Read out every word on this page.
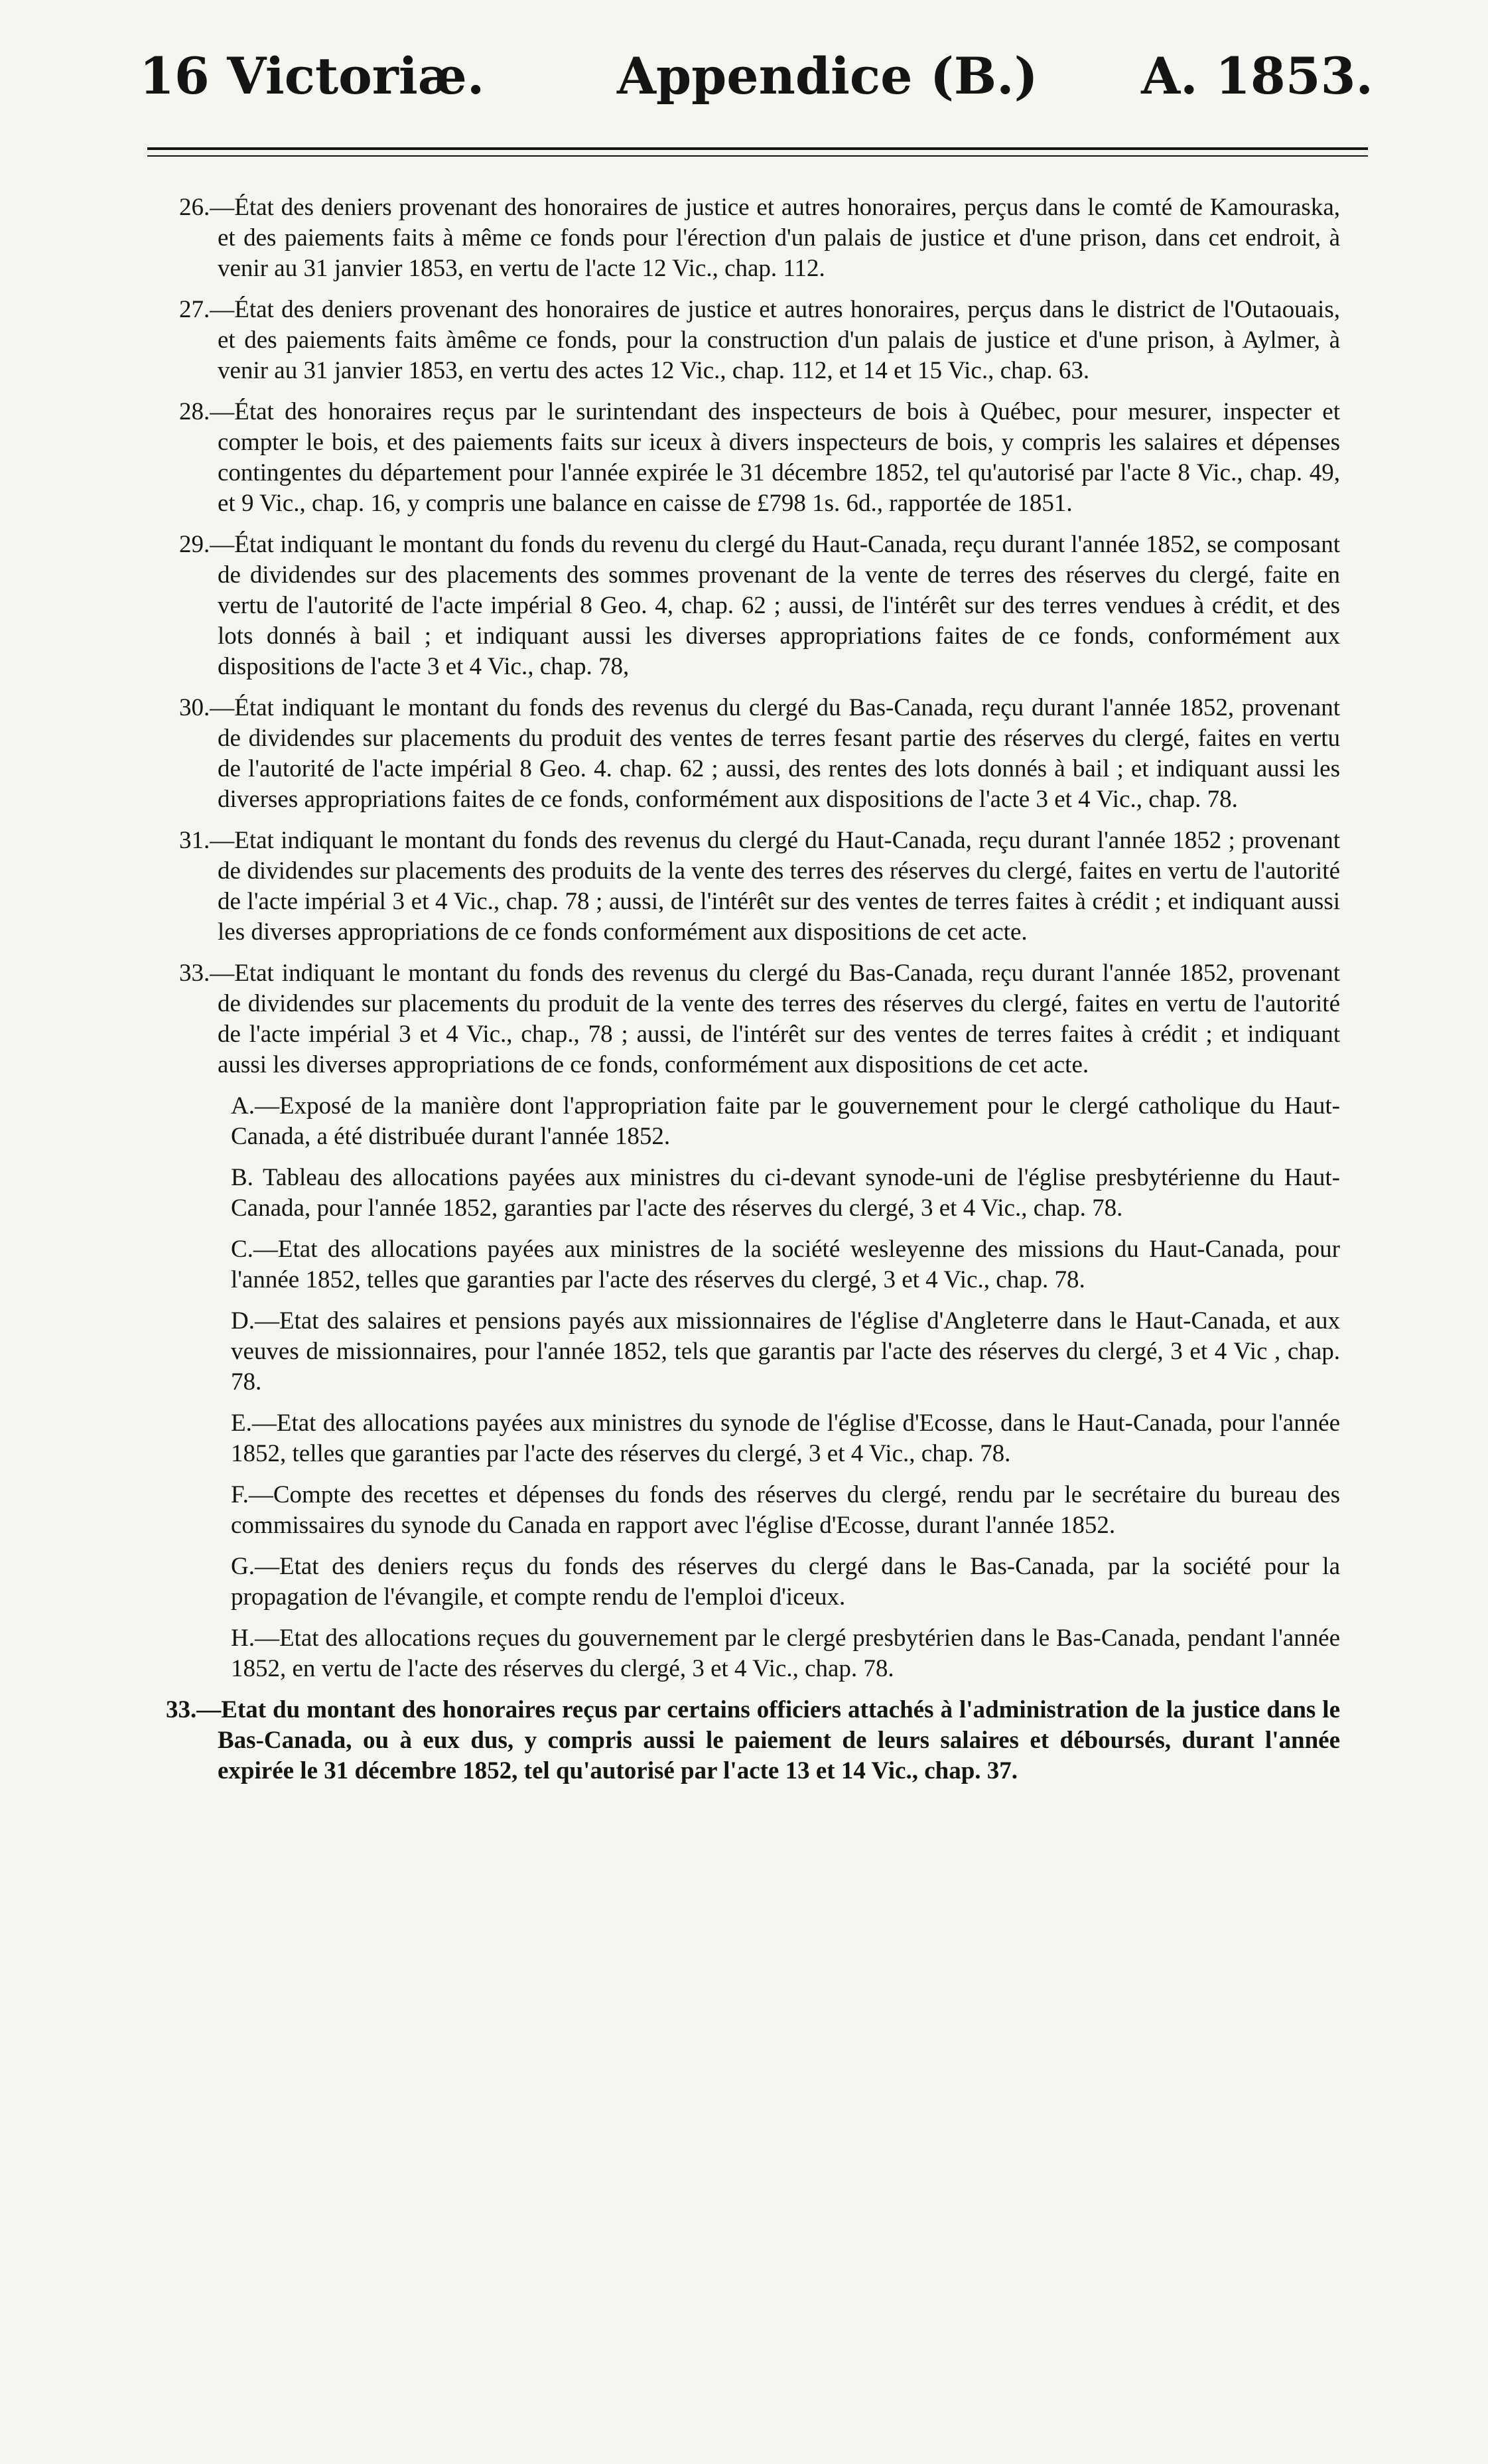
16 Victoriæ.	Appendice (B.) A. 1853.

26.—État des deniers provenant des honoraires de justice et autres honoraires, perçus dans le comté de Kamouraska, et des paiements faits à même ce fonds pour l'érection d'un palais de justice et d'une prison, dans cet endroit, à venir au 31 janvier 1853, en vertu de l'acte 12 Vic., chap. 112.

27.—État des deniers provenant des honoraires de justice et autres honoraires, perçus dans le district de l'Outaouais, et des paiements faits àmême ce fonds, pour la construction d'un palais de justice et d'une prison, à Aylmer, à venir au 31 janvier 1853, en vertu des actes 12 Vic., chap. 112, et 14 et 15 Vic., chap. 63.

28.—État des honoraires reçus par le surintendant des inspecteurs de bois à Québec, pour mesurer, inspecter et compter le bois, et des paiements faits sur iceux à divers inspecteurs de bois, y compris les salaires et dépenses contingentes du département pour l'année expirée le 31 décembre 1852, tel qu'autorisé par l'acte 8 Vic., chap. 49, et 9 Vic., chap. 16, y compris une balance en caisse de £798 1s. 6d., rapportée de 1851.

29.—État indiquant le montant du fonds du revenu du clergé du Haut-Canada, reçu durant l'année 1852, se composant de dividendes sur des placements des sommes provenant de la vente de terres des réserves du clergé, faite en vertu de l'autorité de l'acte impérial 8 Geo. 4, chap. 62 ; aussi, de l'intérêt sur des terres vendues à crédit, et des lots donnés à bail ; et indiquant aussi les diverses appropriations faites de ce fonds, conformément aux dispositions de l'acte 3 et 4 Vic., chap. 78,

30.—État indiquant le montant du fonds des revenus du clergé du Bas-Canada, reçu durant l'année 1852, provenant de dividendes sur placements du produit des ventes de terres fesant partie des réserves du clergé, faites en vertu de l'autorité de l'acte impérial 8 Geo. 4. chap. 62 ; aussi, des rentes des lots donnés à bail ; et indiquant aussi les diverses appropriations faites de ce fonds, conformément aux dispositions de l'acte 3 et 4 Vic., chap. 78.

31.—Etat indiquant le montant du fonds des revenus du clergé du Haut-Canada, reçu durant l'année 1852 ; provenant de dividendes sur placements des produits de la vente des terres des réserves du clergé, faites en vertu de l'autorité de l'acte impérial 3 et 4 Vic., chap. 78 ; aussi, de l'intérêt sur des ventes de terres faites à crédit ; et indiquant aussi les diverses appropriations de ce fonds conformément aux dispositions de cet acte.

33.—Etat indiquant le montant du fonds des revenus du clergé du Bas-Canada, reçu durant l'année 1852, provenant de dividendes sur placements du produit de la vente des terres des réserves du clergé, faites en vertu de l'autorité de l'acte impérial 3 et 4 Vic., chap., 78 ; aussi, de l'intérêt sur des ventes de terres faites à crédit ; et indiquant aussi les diverses appropriations de ce fonds, conformément aux dispositions de cet acte.

A.—Exposé de la manière dont l'appropriation faite par le gouvernement pour le clergé catholique du Haut-Canada, a été distribuée durant l'année 1852.

B. Tableau des allocations payées aux ministres du ci-devant synode-uni de l'église presbytérienne du Haut-Canada, pour l'année 1852, garanties par l'acte des réserves du clergé, 3 et 4 Vic., chap. 78.

C.—Etat des allocations payées aux ministres de la société wesleyenne des missions du Haut-Canada, pour l'année 1852, telles que garanties par l'acte des réserves du clergé, 3 et 4 Vic., chap. 78.

D.—Etat des salaires et pensions payés aux missionnaires de l'église d'Angleterre dans le Haut-Canada, et aux veuves de missionnaires, pour l'année 1852, tels que garantis par l'acte des réserves du clergé, 3 et 4 Vic , chap. 78.

E.—Etat des allocations payées aux ministres du synode de l'église d'Ecosse, dans le Haut-Canada, pour l'année 1852, telles que garanties par l'acte des réserves du clergé, 3 et 4 Vic., chap. 78.

F.—Compte des recettes et dépenses du fonds des réserves du clergé, rendu par le secrétaire du bureau des commissaires du synode du Canada en rapport avec l'église d'Ecosse, durant l'année 1852.

G.—Etat des deniers reçus du fonds des réserves du clergé dans le Bas-Canada, par la société pour la propagation de l'évangile, et compte rendu de l'emploi d'iceux.

H.—Etat des allocations reçues du gouvernement par le clergé presbytérien dans le Bas-Canada, pendant l'année 1852, en vertu de l'acte des réserves du clergé, 3 et 4 Vic., chap. 78.

33.—Etat du montant des honoraires reçus par certains officiers attachés à l'administration de la justice dans le Bas-Canada, ou à eux dus, y compris aussi le paiement de leurs salaires et déboursés, durant l'année expirée le 31 décembre 1852, tel qu'autorisé par l'acte 13 et 14 Vic., chap. 37.
